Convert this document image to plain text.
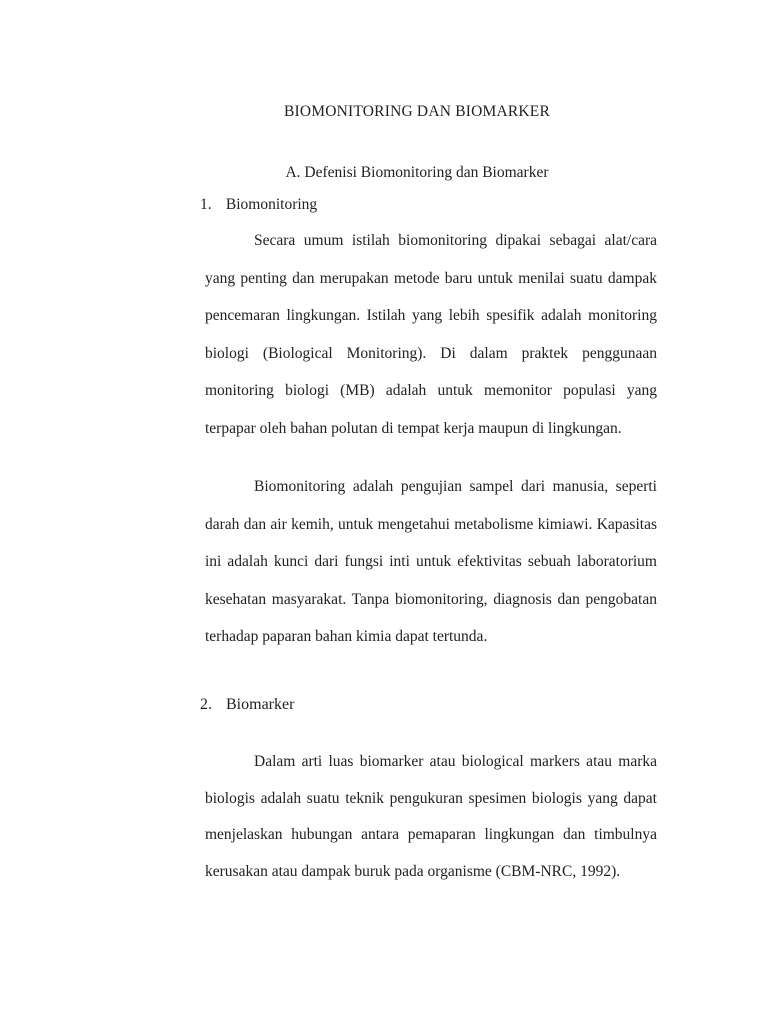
BIOMONITORING DAN BIOMARKER
A. Defenisi Biomonitoring dan Biomarker
1. Biomonitoring

Secara umum istilah biomonitoring dipakai sebagai alat/cara yang penting dan merupakan metode baru untuk menilai suatu dampak pencemaran lingkungan. Istilah yang lebih spesifik adalah monitoring biologi (Biological Monitoring). Di dalam praktek penggunaan monitoring biologi (MB) adalah untuk memonitor populasi yang terpapar oleh bahan polutan di tempat kerja maupun di lingkungan.

Biomonitoring adalah pengujian sampel dari manusia, seperti darah dan air kemih, untuk mengetahui metabolisme kimiawi. Kapasitas ini adalah kunci dari fungsi inti untuk efektivitas sebuah laboratorium kesehatan masyarakat. Tanpa biomonitoring, diagnosis dan pengobatan terhadap paparan bahan kimia dapat tertunda.

2. Biomarker

Dalam arti luas biomarker atau biological markers atau marka biologis adalah suatu teknik pengukuran spesimen biologis yang dapat menjelaskan hubungan antara pemaparan lingkungan dan timbulnya kerusakan atau dampak buruk pada organisme (CBM-NRC, 1992).
